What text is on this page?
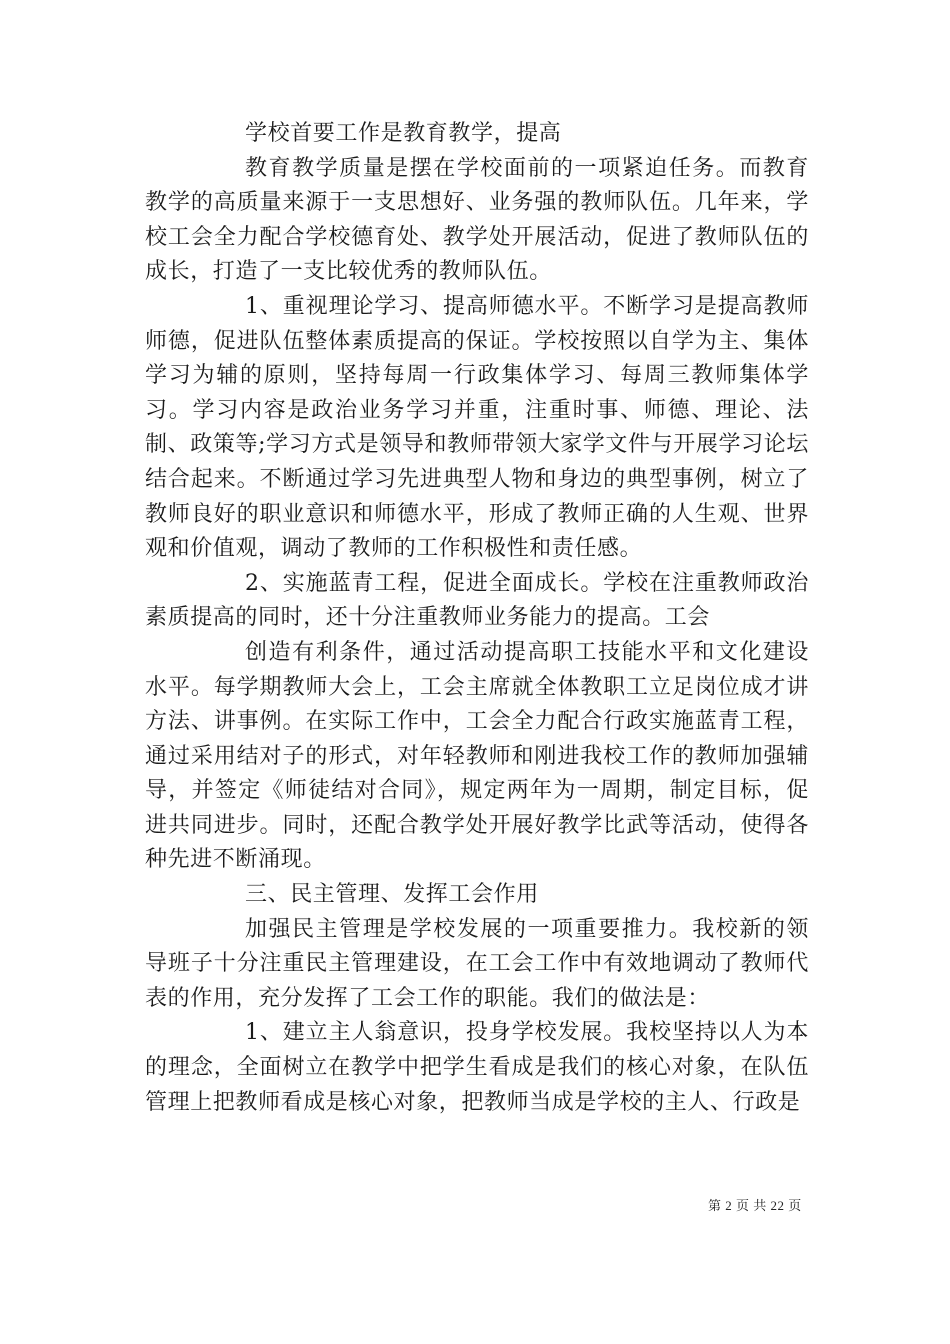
学校首要工作是教育教学，提高

教育教学质量是摆在学校面前的一项紧迫任务。而教育教学的高质量来源于一支思想好、业务强的教师队伍。几年来，学校工会全力配合学校德育处、教学处开展活动，促进了教师队伍的成长，打造了一支比较优秀的教师队伍。

1、重视理论学习、提高师德水平。不断学习是提高教师师德，促进队伍整体素质提高的保证。学校按照以自学为主、集体学习为辅的原则，坚持每周一行政集体学习、每周三教师集体学习。学习内容是政治业务学习并重，注重时事、师德、理论、法制、政策等;学习方式是领导和教师带领大家学文件与开展学习论坛结合起来。不断通过学习先进典型人物和身边的典型事例，树立了教师良好的职业意识和师德水平，形成了教师正确的人生观、世界观和价值观，调动了教师的工作积极性和责任感。

2、实施蓝青工程，促进全面成长。学校在注重教师政治素质提高的同时，还十分注重教师业务能力的提高。工会

创造有利条件，通过活动提高职工技能水平和文化建设水平。每学期教师大会上，工会主席就全体教职工立足岗位成才讲方法、讲事例。在实际工作中，工会全力配合行政实施蓝青工程，通过采用结对子的形式，对年轻教师和刚进我校工作的教师加强辅导，并签定《师徒结对合同》，规定两年为一周期，制定目标，促进共同进步。同时，还配合教学处开展好教学比武等活动，使得各种先进不断涌现。

三、民主管理、发挥工会作用

加强民主管理是学校发展的一项重要推力。我校新的领导班子十分注重民主管理建设，在工会工作中有效地调动了教师代表的作用，充分发挥了工会工作的职能。我们的做法是：

1、建立主人翁意识，投身学校发展。我校坚持以人为本的理念，全面树立在教学中把学生看成是我们的核心对象，在队伍管理上把教师看成是核心对象，把教师当成是学校的主人、行政是

第 2 页 共 22 页
